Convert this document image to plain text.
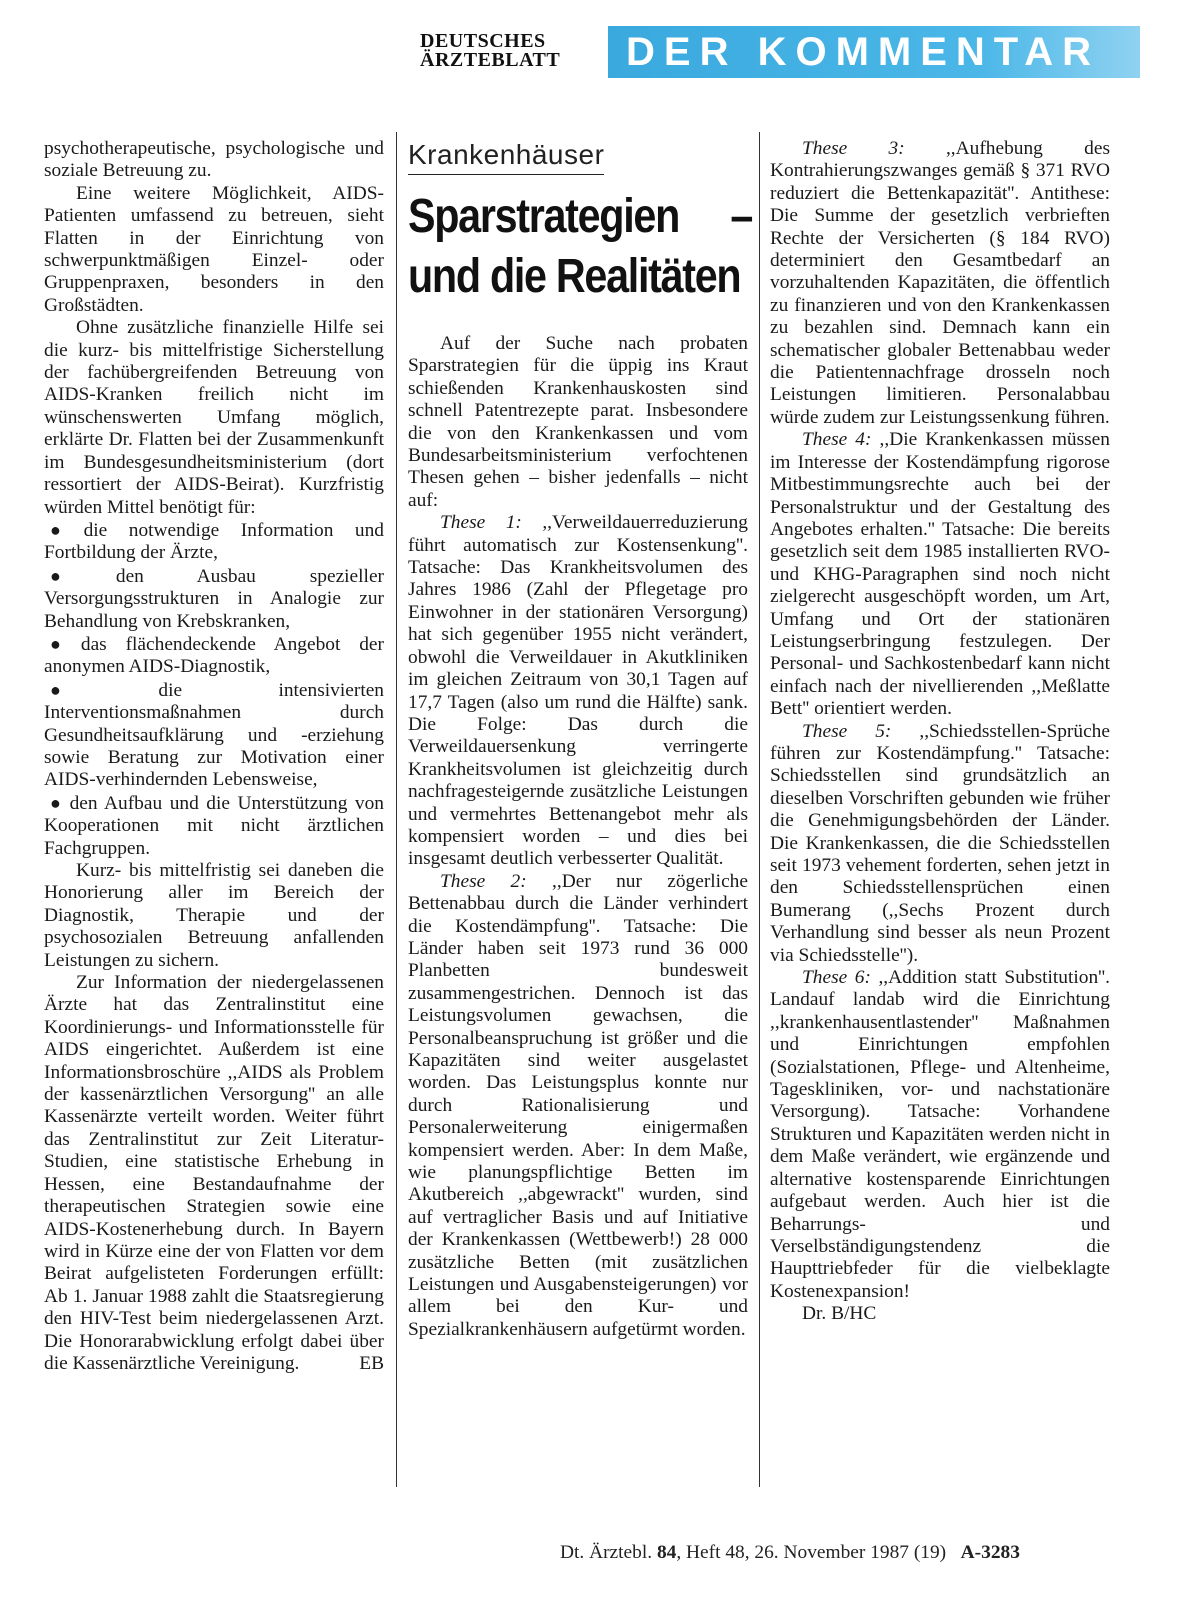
DEUTSCHES
ÄRZTEBLATT	DER KOMMENTAR

psychotherapeutische, psychologische und soziale Betreuung zu.

Eine weitere Möglichkeit, AIDS-Patienten umfassend zu betreuen, sieht Flatten in der Einrichtung von schwerpunktmäßigen Einzel- oder Gruppenpraxen, besonders in den Großstädten.

Ohne zusätzliche finanzielle Hilfe sei die kurz- bis mittelfristige Sicherstellung der fachübergreifenden Betreuung von AIDS-Kranken freilich nicht im wünschenswerten Umfang möglich, erklärte Dr. Flatten bei der Zusammenkunft im Bundesgesundheitsministerium (dort ressortiert der AIDS-Beirat). Kurzfristig würden Mittel benötigt für:

● die notwendige Information und Fortbildung der Ärzte,

● den Ausbau spezieller Versorgungsstrukturen in Analogie zur Behandlung von Krebskranken,

● das flächendeckende Angebot der anonymen AIDS-Diagnostik,

● die intensivierten Interventionsmaßnahmen durch Gesundheitsaufklärung und -erziehung sowie Beratung zur Motivation einer AIDS-verhindernden Lebensweise,

● den Aufbau und die Unterstützung von Kooperationen mit nicht ärztlichen Fachgruppen.

Kurz- bis mittelfristig sei daneben die Honorierung aller im Bereich der Diagnostik, Therapie und der psychosozialen Betreuung anfallenden Leistungen zu sichern.

Zur Information der niedergelassenen Ärzte hat das Zentralinstitut eine Koordinierungs- und Informationsstelle für AIDS eingerichtet. Außerdem ist eine Informationsbroschüre ,,AIDS als Problem der kassenärztlichen Versorgung'' an alle Kassenärzte verteilt worden. Weiter führt das Zentralinstitut zur Zeit Literatur-Studien, eine statistische Erhebung in Hessen, eine Bestandaufnahme der therapeutischen Strategien sowie eine AIDS-Kostenerhebung durch. In Bayern wird in Kürze eine der von Flatten vor dem Beirat aufgelisteten Forderungen erfüllt: Ab 1. Januar 1988 zahlt die Staatsregierung den HIV-Test beim niedergelassenen Arzt. Die Honorarabwicklung erfolgt dabei über die Kassenärztliche Vereinigung.	EB

Krankenhäuser
Sparstrategien – und die Realitäten

Auf der Suche nach probaten Sparstrategien für die üppig ins Kraut schießenden Krankenhauskosten sind schnell Patentrezepte parat. Insbesondere die von den Krankenkassen und vom Bundesarbeitsministerium verfochtenen Thesen gehen – bisher jedenfalls – nicht auf:

These 1: ,,Verweildauerreduzierung führt automatisch zur Kostensenkung''. Tatsache: Das Krankheitsvolumen des Jahres 1986 (Zahl der Pflegetage pro Einwohner in der stationären Versorgung) hat sich gegenüber 1955 nicht verändert, obwohl die Verweildauer in Akutkliniken im gleichen Zeitraum von 30,1 Tagen auf 17,7 Tagen (also um rund die Hälfte) sank. Die Folge: Das durch die Verweildauersenkung verringerte Krankheitsvolumen ist gleichzeitig durch nachfragesteigernde zusätzliche Leistungen und vermehrtes Bettenangebot mehr als kompensiert worden – und dies bei insgesamt deutlich verbesserter Qualität.

These 2: ,,Der nur zögerliche Bettenabbau durch die Länder verhindert die Kostendämpfung''. Tatsache: Die Länder haben seit 1973 rund 36 000 Planbetten bundesweit zusammengestrichen. Dennoch ist das Leistungsvolumen gewachsen, die Personalbeanspruchung ist größer und die Kapazitäten sind weiter ausgelastet worden. Das Leistungsplus konnte nur durch Rationalisierung und Personalerweiterung einigermaßen kompensiert werden. Aber: In dem Maße, wie planungspflichtige Betten im Akutbereich ,,abgewrackt'' wurden, sind auf vertraglicher Basis und auf Initiative der Krankenkassen (Wettbewerb!) 28 000 zusätzliche Betten (mit zusätzlichen Leistungen und Ausgabensteigerungen) vor allem bei den Kur- und Spezialkrankenhäusern aufgetürmt worden.

These 3: ,,Aufhebung des Kontrahierungszwanges gemäß § 371 RVO reduziert die Bettenkapazität''. Antithese: Die Summe der gesetzlich verbrieften Rechte der Versicherten (§ 184 RVO) determiniert den Gesamtbedarf an vorzuhaltenden Kapazitäten, die öffentlich zu finanzieren und von den Krankenkassen zu bezahlen sind. Demnach kann ein schematischer globaler Bettenabbau weder die Patientennachfrage drosseln noch Leistungen limitieren. Personalabbau würde zudem zur Leistungssenkung führen.

These 4: ,,Die Krankenkassen müssen im Interesse der Kostendämpfung rigorose Mitbestimmungsrechte auch bei der Personalstruktur und der Gestaltung des Angebotes erhalten.'' Tatsache: Die bereits gesetzlich seit dem 1985 installierten RVO- und KHG-Paragraphen sind noch nicht zielgerecht ausgeschöpft worden, um Art, Umfang und Ort der stationären Leistungserbringung festzulegen. Der Personal- und Sachkostenbedarf kann nicht einfach nach der nivellierenden ,,Meßlatte Bett'' orientiert werden.

These 5: ,,Schiedsstellen-Sprüche führen zur Kostendämpfung.'' Tatsache: Schiedsstellen sind grundsätzlich an dieselben Vorschriften gebunden wie früher die Genehmigungsbehörden der Länder. Die Krankenkassen, die die Schiedsstellen seit 1973 vehement forderten, sehen jetzt in den Schiedsstellensprüchen einen Bumerang (,,Sechs Prozent durch Verhandlung sind besser als neun Prozent via Schiedsstelle'').

These 6: ,,Addition statt Substitution''. Landauf landab wird die Einrichtung ,,krankenhausentlastender'' Maßnahmen und Einrichtungen empfohlen (Sozialstationen, Pflege- und Altenheime, Tageskliniken, vor- und nachstationäre Versorgung). Tatsache: Vorhandene Strukturen und Kapazitäten werden nicht in dem Maße verändert, wie ergänzende und alternative kostensparende Einrichtungen aufgebaut werden. Auch hier ist die Beharrungs- und Verselbständigungstendenz die Haupttriebfeder für die vielbeklagte Kostenexpansion!

Dr. B/HC

Dt. Ärztebl. 84, Heft 48, 26. November 1987 (19) A-3283
